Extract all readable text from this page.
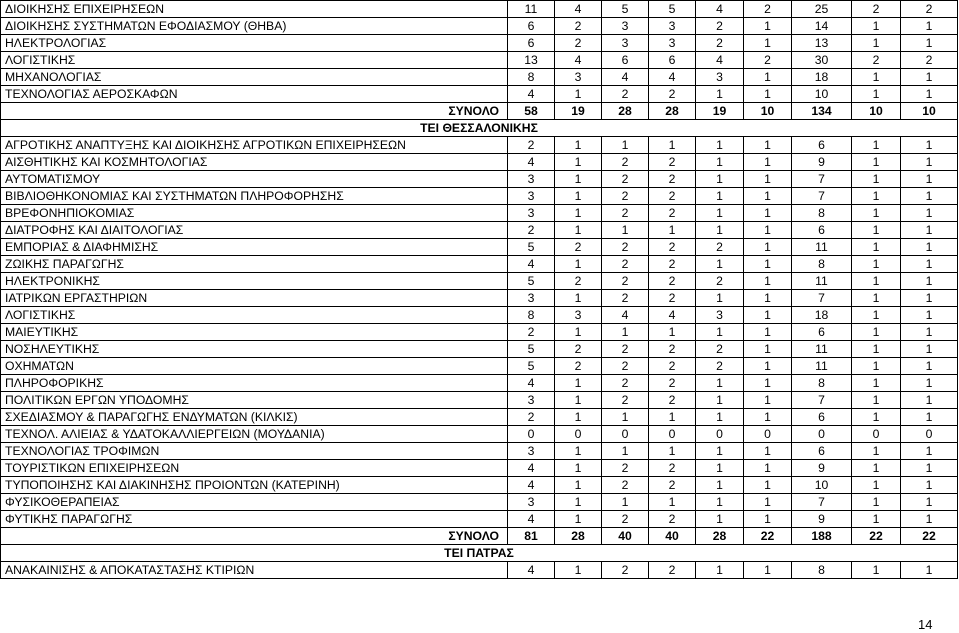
ΔΙΟΙΚΗΣΗΣ ΕΠΙΧΕΙΡΗΣΕΩΝ	11	4	5	5	4	2	25	2	2
ΔΙΟΙΚΗΣΗΣ ΣΥΣΤΗΜΑΤΩΝ ΕΦΟΔΙΑΣΜΟΥ (ΘΗΒΑ)	6	2	3	3	2	1	14	1	1
ΗΛΕΚΤΡΟΛΟΓΙΑΣ	6	2	3	3	2	1	13	1	1
ΛΟΓΙΣΤΙΚΗΣ	13	4	6	6	4	2	30	2	2
ΜΗΧΑΝΟΛΟΓΙΑΣ	8	3	4	4	3	1	18	1	1
ΤΕΧΝΟΛΟΓΙΑΣ ΑΕΡΟΣΚΑΦΩΝ	4	1	2	2	1	1	10	1	1
ΣΥΝΟΛΟ	58	19	28	28	19	10	134	10	10
ΤΕΙ ΘΕΣΣΑΛΟΝΙΚΗΣ									
ΑΓΡΟΤΙΚΗΣ ΑΝΑΠΤΥΞΗΣ ΚΑΙ ΔΙΟΙΚΗΣΗΣ ΑΓΡΟΤΙΚΩΝ ΕΠΙΧΕΙΡΗΣΕΩΝ	2	1	1	1	1	1	6	1	1
ΑΙΣΘΗΤΙΚΗΣ ΚΑΙ ΚΟΣΜΗΤΟΛΟΓΙΑΣ	4	1	2	2	1	1	9	1	1
ΑΥΤΟΜΑΤΙΣΜΟΥ	3	1	2	2	1	1	7	1	1
ΒΙΒΛΙΟΘΗΚΟΝΟΜΙΑΣ ΚΑΙ ΣΥΣΤΗΜΑΤΩΝ ΠΛΗΡΟΦΟΡΗΣΗΣ	3	1	2	2	1	1	7	1	1
ΒΡΕΦΟΝΗΠΙΟΚΟΜΙΑΣ	3	1	2	2	1	1	8	1	1
ΔΙΑΤΡΟΦΗΣ ΚΑΙ ΔΙΑΙΤΟΛΟΓΙΑΣ	2	1	1	1	1	1	6	1	1
ΕΜΠΟΡΙΑΣ & ΔΙΑΦΗΜΙΣΗΣ	5	2	2	2	2	1	11	1	1
ΖΩΙΚΗΣ ΠΑΡΑΓΩΓΗΣ	4	1	2	2	1	1	8	1	1
ΗΛΕΚΤΡΟΝΙΚΗΣ	5	2	2	2	2	1	11	1	1
ΙΑΤΡΙΚΩΝ ΕΡΓΑΣΤΗΡΙΩΝ	3	1	2	2	1	1	7	1	1
ΛΟΓΙΣΤΙΚΗΣ	8	3	4	4	3	1	18	1	1
ΜΑΙΕΥΤΙΚΗΣ	2	1	1	1	1	1	6	1	1
ΝΟΣΗΛΕΥΤΙΚΗΣ	5	2	2	2	2	1	11	1	1
ΟΧΗΜΑΤΩΝ	5	2	2	2	2	1	11	1	1
ΠΛΗΡΟΦΟΡΙΚΗΣ	4	1	2	2	1	1	8	1	1
ΠΟΛΙΤΙΚΩΝ ΕΡΓΩΝ ΥΠΟΔΟΜΗΣ	3	1	2	2	1	1	7	1	1
ΣΧΕΔΙΑΣΜΟΥ & ΠΑΡΑΓΩΓΗΣ ΕΝΔΥΜΑΤΩΝ (ΚΙΛΚΙΣ)	2	1	1	1	1	1	6	1	1
ΤΕΧΝΟΛ. ΑΛΙΕΙΑΣ & ΥΔΑΤΟΚΑΛΛΙΕΡΓΕΙΩΝ (ΜΟΥΔΑΝΙΑ)	0	0	0	0	0	0	0	0	0
ΤΕΧΝΟΛΟΓΙΑΣ ΤΡΟΦΙΜΩΝ	3	1	1	1	1	1	6	1	1
ΤΟΥΡΙΣΤΙΚΩΝ ΕΠΙΧΕΙΡΗΣΕΩΝ	4	1	2	2	1	1	9	1	1
ΤΥΠΟΠΟΙΗΣΗΣ ΚΑΙ ΔΙΑΚΙΝΗΣΗΣ ΠΡΟΙΟΝΤΩΝ (ΚΑΤΕΡΙΝΗ)	4	1	2	2	1	1	10	1	1
ΦΥΣΙΚΟΘΕΡΑΠΕΙΑΣ	3	1	1	1	1	1	7	1	1
ΦΥΤΙΚΗΣ ΠΑΡΑΓΩΓΗΣ	4	1	2	2	1	1	9	1	1
ΣΥΝΟΛΟ	81	28	40	40	28	22	188	22	22
ΤΕΙ ΠΑΤΡΑΣ									
ΑΝΑΚΑΙΝΙΣΗΣ & ΑΠΟΚΑΤΑΣΤΑΣΗΣ ΚΤΙΡΙΩΝ	4	1	2	2	1	1	8	1	1
14
